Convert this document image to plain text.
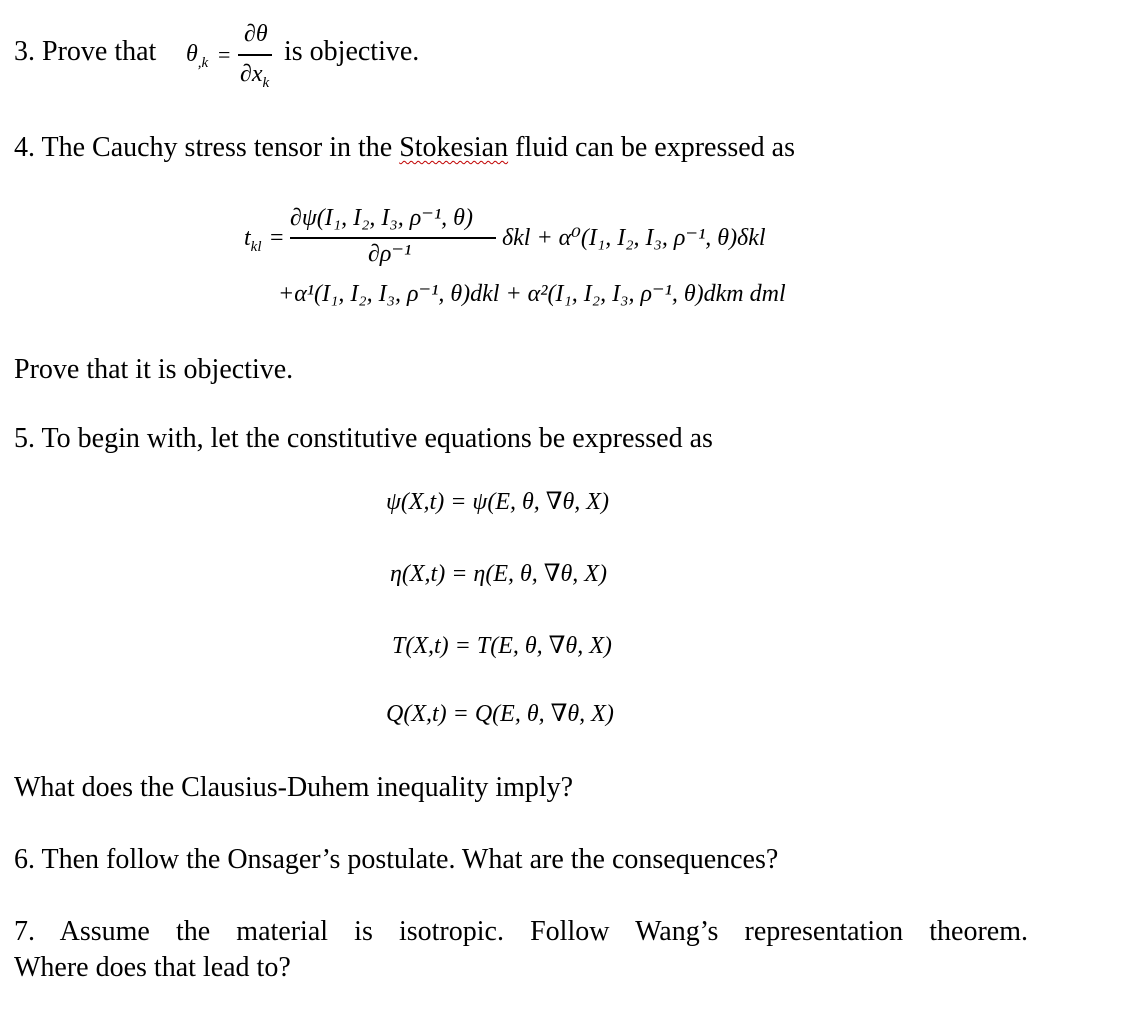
3. Prove that $\theta_{,k}$ =
∂θ
$\partial x_k$
is objective.
4. The Cauchy stress tensor in the Stokesian fluid can be expressed as
$t_{kl}$ =
∂ψ(I₁, I₂, I₃, ρ⁻¹, θ)
∂ρ⁻¹
δkl + α⁰(I₁, I₂, I₃, ρ⁻¹, θ)δkl
+α¹(I₁, I₂, I₃, ρ⁻¹, θ)dkl + α²(I₁, I₂, I₃, ρ⁻¹, θ)dkm dml
Prove that it is objective.
5. To begin with, let the constitutive equations be expressed as
ψ(X,t) = ψ(E, θ, ∇θ, X)
η(X,t) = η(E, θ, ∇θ, X)
T(X,t) = T(E, θ, ∇θ, X)
Q(X,t) = Q(E, θ, ∇θ, X)
What does the Clausius-Duhem inequality imply?
6. Then follow the Onsager’s postulate. What are the consequences?
7. Assume the material is isotropic. Follow Wang’s representation theorem.
Where does that lead to?
